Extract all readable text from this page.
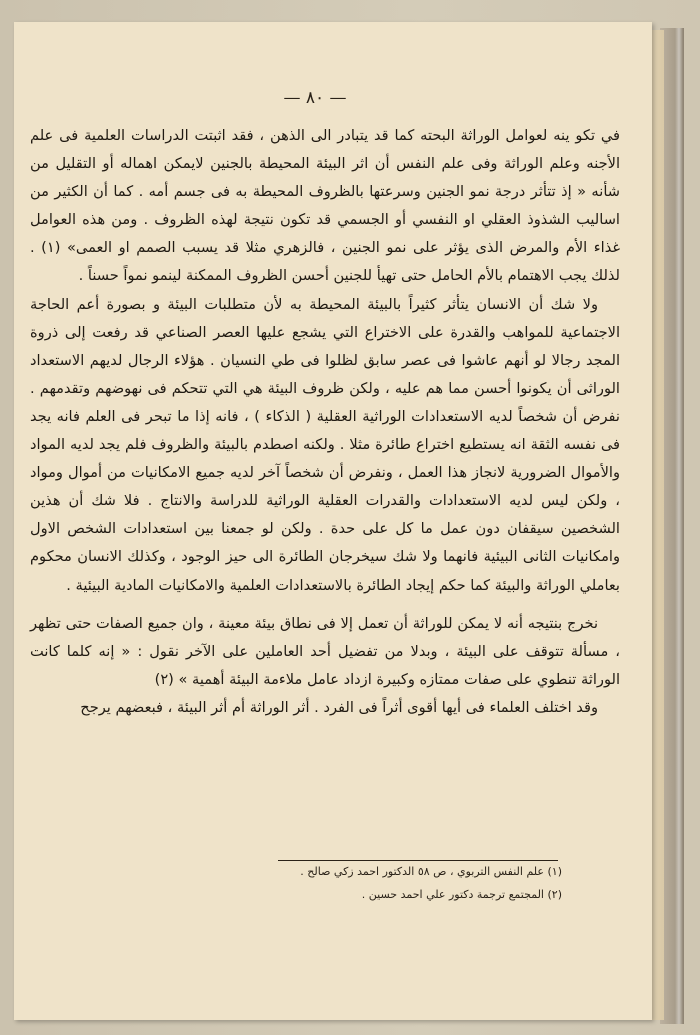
— ٨٠ —

في تكو ينه لعوامل الوراثة البحته كما قد يتبادر الى الذهن ، فقد اثبتت الدراسات العلمية فى علم الأجنه وعلم الوراثة وفى علم النفس أن اثر البيئة المحيطة بالجنين لايمكن اهماله أو التقليل من شأنه « إذ تتأثر درجة نمو الجنين وسرعتها بالظروف المحيطة به فى جسم أمه . كما أن الكثير من اساليب الشذوذ العقلي او النفسي أو الجسمي قد تكون نتيجة لهذه الظروف . ومن هذه العوامل غذاء الأم والمرض الذى يؤثر على نمو الجنين ، فالزهري مثلا قد يسبب الصمم او العمى» (١) . لذلك يجب الاهتمام بالأم الحامل حتى تهيأ للجنين أحسن الظروف الممكنة لينمو نمواً حسناً .

ولا شك أن الانسان يتأثر كثيراً بالبيئة المحيطة به لأن متطلبات البيئة و بصورة أعم الحاجة الاجتماعية للمواهب والقدرة على الاختراع التي يشجع عليها العصر الصناعي قد رفعت إلى ذروة المجد رجالا لو أنهم عاشوا فى عصر سابق لظلوا فى طي النسيان . هؤلاء الرجال لديهم الاستعداد الوراثى أن يكونوا أحسن مما هم عليه ، ولكن ظروف البيئة هي التي تتحكم فى نهوضهم وتقدمهم . نفرض أن شخصاً لديه الاستعدادات الوراثية العقلية ( الذكاء ) ، فانه إذا ما تبحر فى العلم فانه يجد فى نفسه الثقة انه يستطيع اختراع طائرة مثلا . ولكنه اصطدم بالبيئة والظروف فلم يجد لديه المواد والأموال الضرورية لانجاز هذا العمل ، ونفرض أن شخصاً آخر لديه جميع الامكانيات من أموال ومواد ، ولكن ليس لديه الاستعدادات والقدرات العقلية الوراثية للدراسة والانتاج . فلا شك أن هذين الشخصين سيقفان دون عمل ما كل على حدة . ولكن لو جمعنا بين استعدادات الشخص الاول وامكانيات الثانى البيئية فانهما ولا شك سيخرجان الطائرة الى حيز الوجود ، وكذلك الانسان محكوم بعاملي الوراثة والبيئة كما حكم إيجاد الطائرة بالاستعدادات العلمية والامكانيات المادية البيئية .

نخرج بنتيجه أنه لا يمكن للوراثة أن تعمل إلا فى نطاق بيئة معينة ، وان جميع الصفات حتى تظهر ، مسألة تتوقف على البيئة ، وبدلا من تفضيل أحد العاملين على الآخر نقول : « إنه كلما كانت الوراثة تنطوي على صفات ممتازه وكبيرة ازداد عامل ملاءمة البيئة أهمية » (٢)

وقد اختلف العلماء فى أيها أقوى أثراً فى الفرد . أثر الوراثة أم أثر البيئة ، فبعضهم يرجح

(١) علم النفس التربوي ، ص ٥٨ الدكتور احمد زكي صالح .
(٢) المجتمع ترجمة دكتور علي احمد حسين .
